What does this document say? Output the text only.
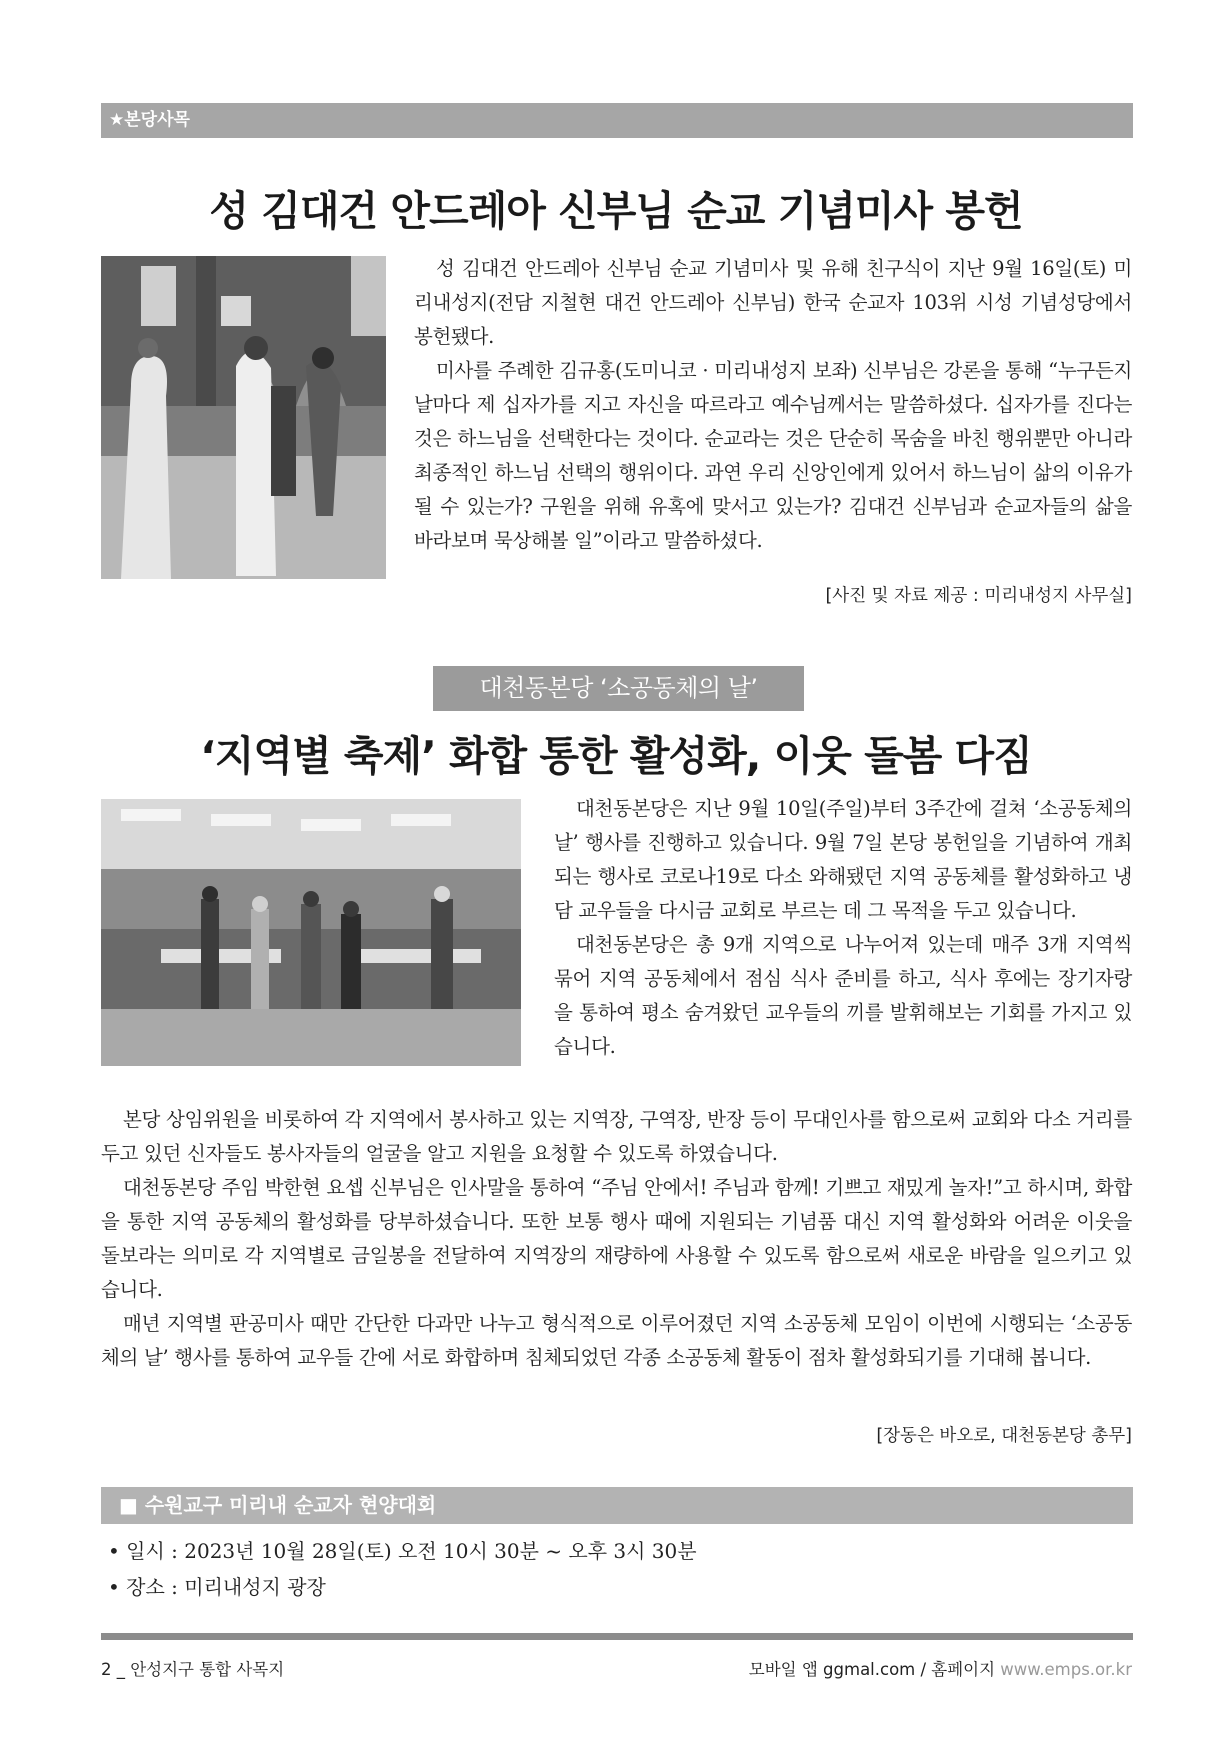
★본당사목
성 김대건 안드레아 신부님 순교 기념미사 봉헌

성 김대건 안드레아 신부님 순교 기념미사 및 유해 친구식이 지난 9월 16일(토) 미리내성지(전담 지철현 대건 안드레아 신부님) 한국 순교자 103위 시성 기념성당에서 봉헌됐다.

미사를 주례한 김규홍(도미니코 · 미리내성지 보좌) 신부님은 강론을 통해 “누구든지 날마다 제 십자가를 지고 자신을 따르라고 예수님께서는 말씀하셨다. 십자가를 진다는 것은 하느님을 선택한다는 것이다. 순교라는 것은 단순히 목숨을 바친 행위뿐만 아니라 최종적인 하느님 선택의 행위이다. 과연 우리 신앙인에게 있어서 하느님이 삶의 이유가 될 수 있는가? 구원을 위해 유혹에 맞서고 있는가? 김대건 신부님과 순교자들의 삶을 바라보며 묵상해볼 일”이라고 말씀하셨다.

[사진 및 자료 제공 : 미리내성지 사무실]
대천동본당 ‘소공동체의 날’
‘지역별 축제’ 화합 통한 활성화, 이웃 돌봄 다짐

대천동본당은 지난 9월 10일(주일)부터 3주간에 걸쳐 ‘소공동체의 날’ 행사를 진행하고 있습니다. 9월 7일 본당 봉헌일을 기념하여 개최되는 행사로 코로나19로 다소 와해됐던 지역 공동체를 활성화하고 냉담 교우들을 다시금 교회로 부르는 데 그 목적을 두고 있습니다.

대천동본당은 총 9개 지역으로 나누어져 있는데 매주 3개 지역씩 묶어 지역 공동체에서 점심 식사 준비를 하고, 식사 후에는 장기자랑을 통하여 평소 숨겨왔던 교우들의 끼를 발휘해보는 기회를 가지고 있습니다.

본당 상임위원을 비롯하여 각 지역에서 봉사하고 있는 지역장, 구역장, 반장 등이 무대인사를 함으로써 교회와 다소 거리를 두고 있던 신자들도 봉사자들의 얼굴을 알고 지원을 요청할 수 있도록 하였습니다.

대천동본당 주임 박한현 요셉 신부님은 인사말을 통하여 “주님 안에서! 주님과 함께! 기쁘고 재밌게 놀자!”고 하시며, 화합을 통한 지역 공동체의 활성화를 당부하셨습니다. 또한 보통 행사 때에 지원되는 기념품 대신 지역 활성화와 어려운 이웃을 돌보라는 의미로 각 지역별로 금일봉을 전달하여 지역장의 재량하에 사용할 수 있도록 함으로써 새로운 바람을 일으키고 있습니다.

매년 지역별 판공미사 때만 간단한 다과만 나누고 형식적으로 이루어졌던 지역 소공동체 모임이 이번에 시행되는 ‘소공동체의 날’ 행사를 통하여 교우들 간에 서로 화합하며 침체되었던 각종 소공동체 활동이 점차 활성화되기를 기대해 봅니다.

[장동은 바오로, 대천동본당 총무]
■ 수원교구 미리내 순교자 현양대회
• 일시 : 2023년 10월 28일(토) 오전 10시 30분 ~ 오후 3시 30분
• 장소 : 미리내성지 광장
2 _ 안성지구 통합 사목지	모바일 앱 ggmal.com / 홈페이지 www.emps.or.kr
